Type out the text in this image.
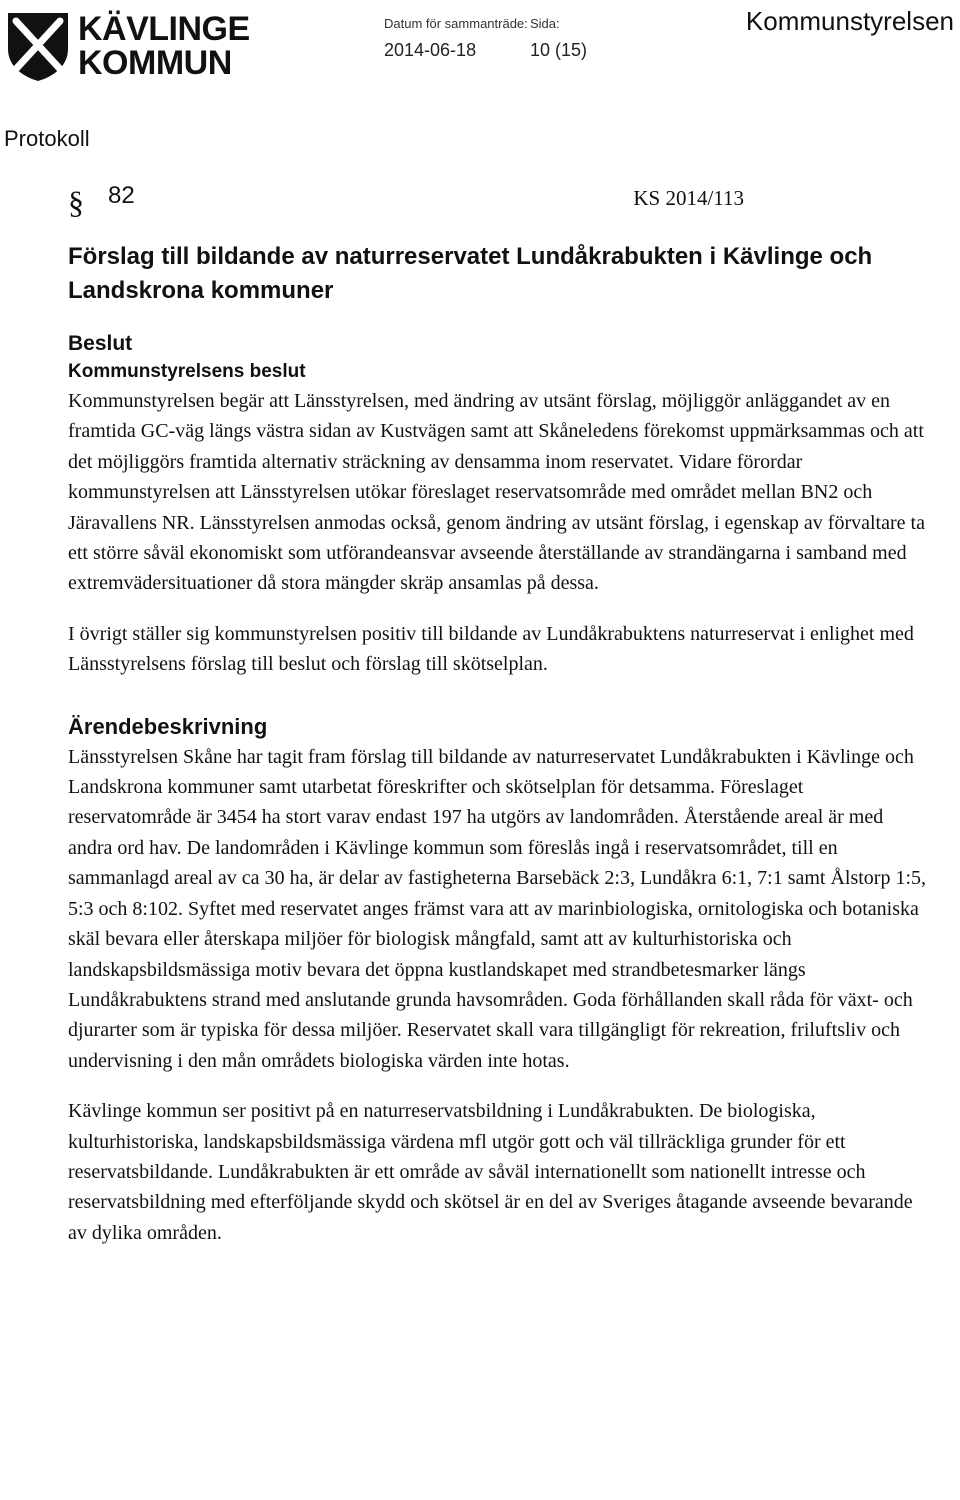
KÄVLINGE
KOMMUN
Datum för sammanträde:
2014-06-18
Sida:
10 (15)
Kommunstyrelsen
Protokoll
§ 82	KS 2014/113
Förslag till bildande av naturreservatet Lundåkrabukten i Kävlinge och Landskrona kommuner
Beslut
Kommunstyrelsens beslut

Kommunstyrelsen begär att Länsstyrelsen, med ändring av utsänt förslag, möjliggör anläggandet av en framtida GC-väg längs västra sidan av Kustvägen samt att Skåneledens förekomst uppmärksammas och att det möjliggörs framtida alternativ sträckning av densamma inom reservatet. Vidare förordar kommunstyrelsen att Länsstyrelsen utökar föreslaget reservatsområde med området mellan BN2 och Järavallens NR. Länsstyrelsen anmodas också, genom ändring av utsänt förslag, i egenskap av förvaltare ta ett större såväl ekonomiskt som utförandeansvar avseende återställande av strandängarna i samband med extremvädersituationer då stora mängder skräp ansamlas på dessa.

I övrigt ställer sig kommunstyrelsen positiv till bildande av Lundåkrabuktens naturreservat i enlighet med Länsstyrelsens förslag till beslut och förslag till skötselplan.

Ärendebeskrivning

Länsstyrelsen Skåne har tagit fram förslag till bildande av naturreservatet Lundåkrabukten i Kävlinge och Landskrona kommuner samt utarbetat föreskrifter och skötselplan för detsamma. Föreslaget reservatområde är 3454 ha stort varav endast 197 ha utgörs av landområden. Återstående areal är med andra ord hav. De landområden i Kävlinge kommun som föreslås ingå i reservatsområdet, till en sammanlagd areal av ca 30 ha, är delar av fastigheterna Barsebäck 2:3, Lundåkra 6:1, 7:1 samt Ålstorp 1:5, 5:3 och 8:102. Syftet med reservatet anges främst vara att av marinbiologiska, ornitologiska och botaniska skäl bevara eller återskapa miljöer för biologisk mångfald, samt att av kulturhistoriska och landskapsbildsmässiga motiv bevara det öppna kustlandskapet med strandbetesmarker längs Lundåkrabuktens strand med anslutande grunda havsområden. Goda förhållanden skall råda för växt- och djurarter som är typiska för dessa miljöer. Reservatet skall vara tillgängligt för rekreation, friluftsliv och undervisning i den mån områdets biologiska värden inte hotas.

Kävlinge kommun ser positivt på en naturreservatsbildning i Lundåkrabukten. De biologiska, kulturhistoriska, landskapsbildsmässiga värdena mfl utgör gott och väl tillräckliga grunder för ett reservatsbildande. Lundåkrabukten är ett område av såväl internationellt som nationellt intresse och reservatsbildning med efterföljande skydd och skötsel är en del av Sveriges åtagande avseende bevarande av dylika områden.
